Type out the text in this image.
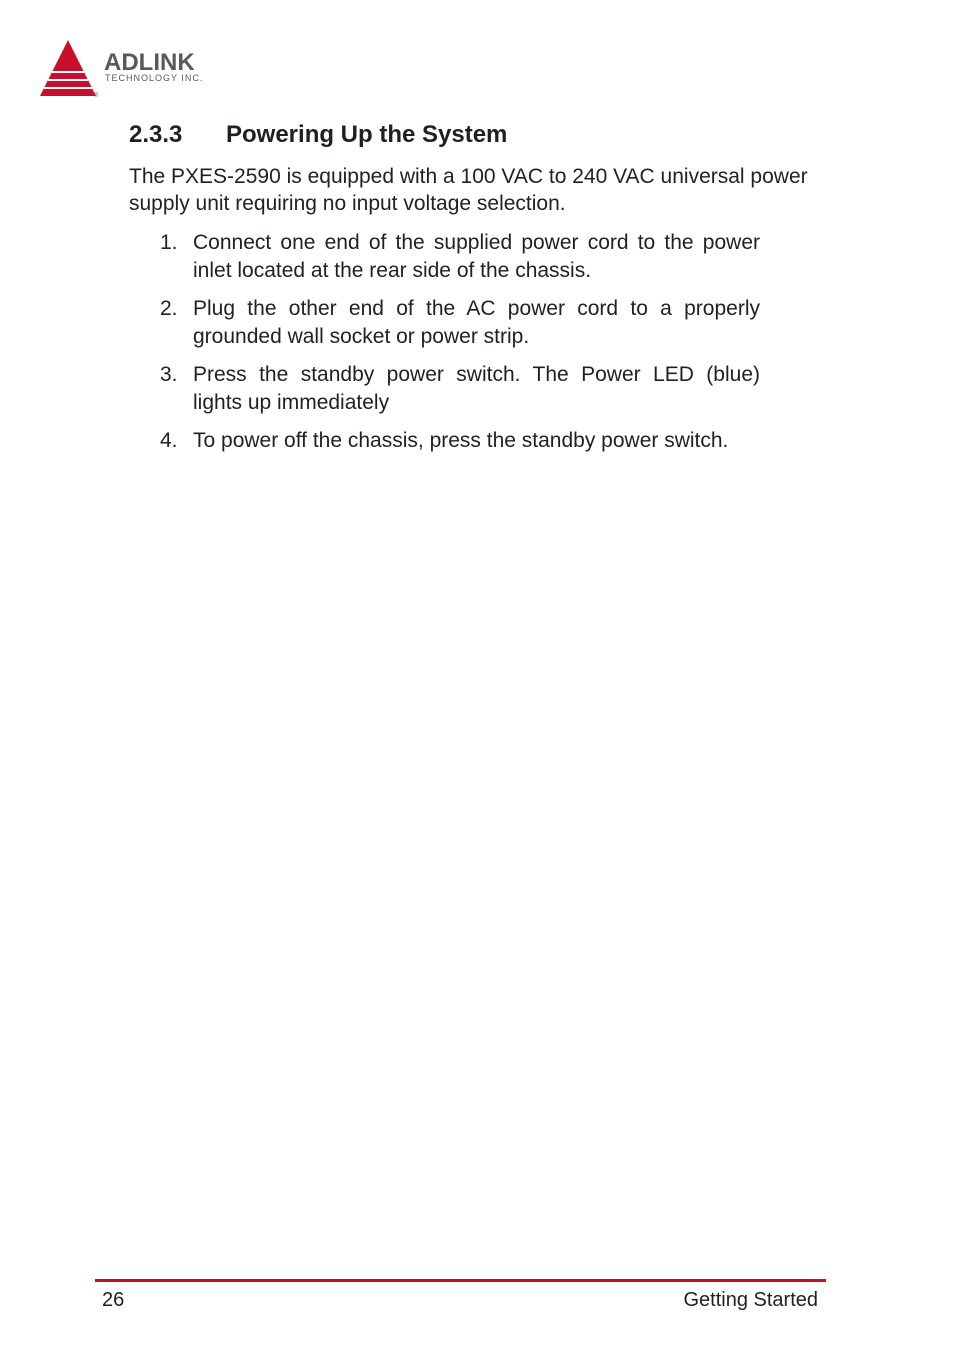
ADLINK
TECHNOLOGY INC.
®
2.3.3 Powering Up the System

The PXES-2590 is equipped with a 100 VAC to 240 VAC universal power supply unit requiring no input voltage selection.

1. Connect one end of the supplied power cord to the power inlet located at the rear side of the chassis.
2. Plug the other end of the AC power cord to a properly grounded wall socket or power strip.
3. Press the standby power switch. The Power LED (blue) lights up immediately
4. To power off the chassis, press the standby power switch.
26	Getting Started
